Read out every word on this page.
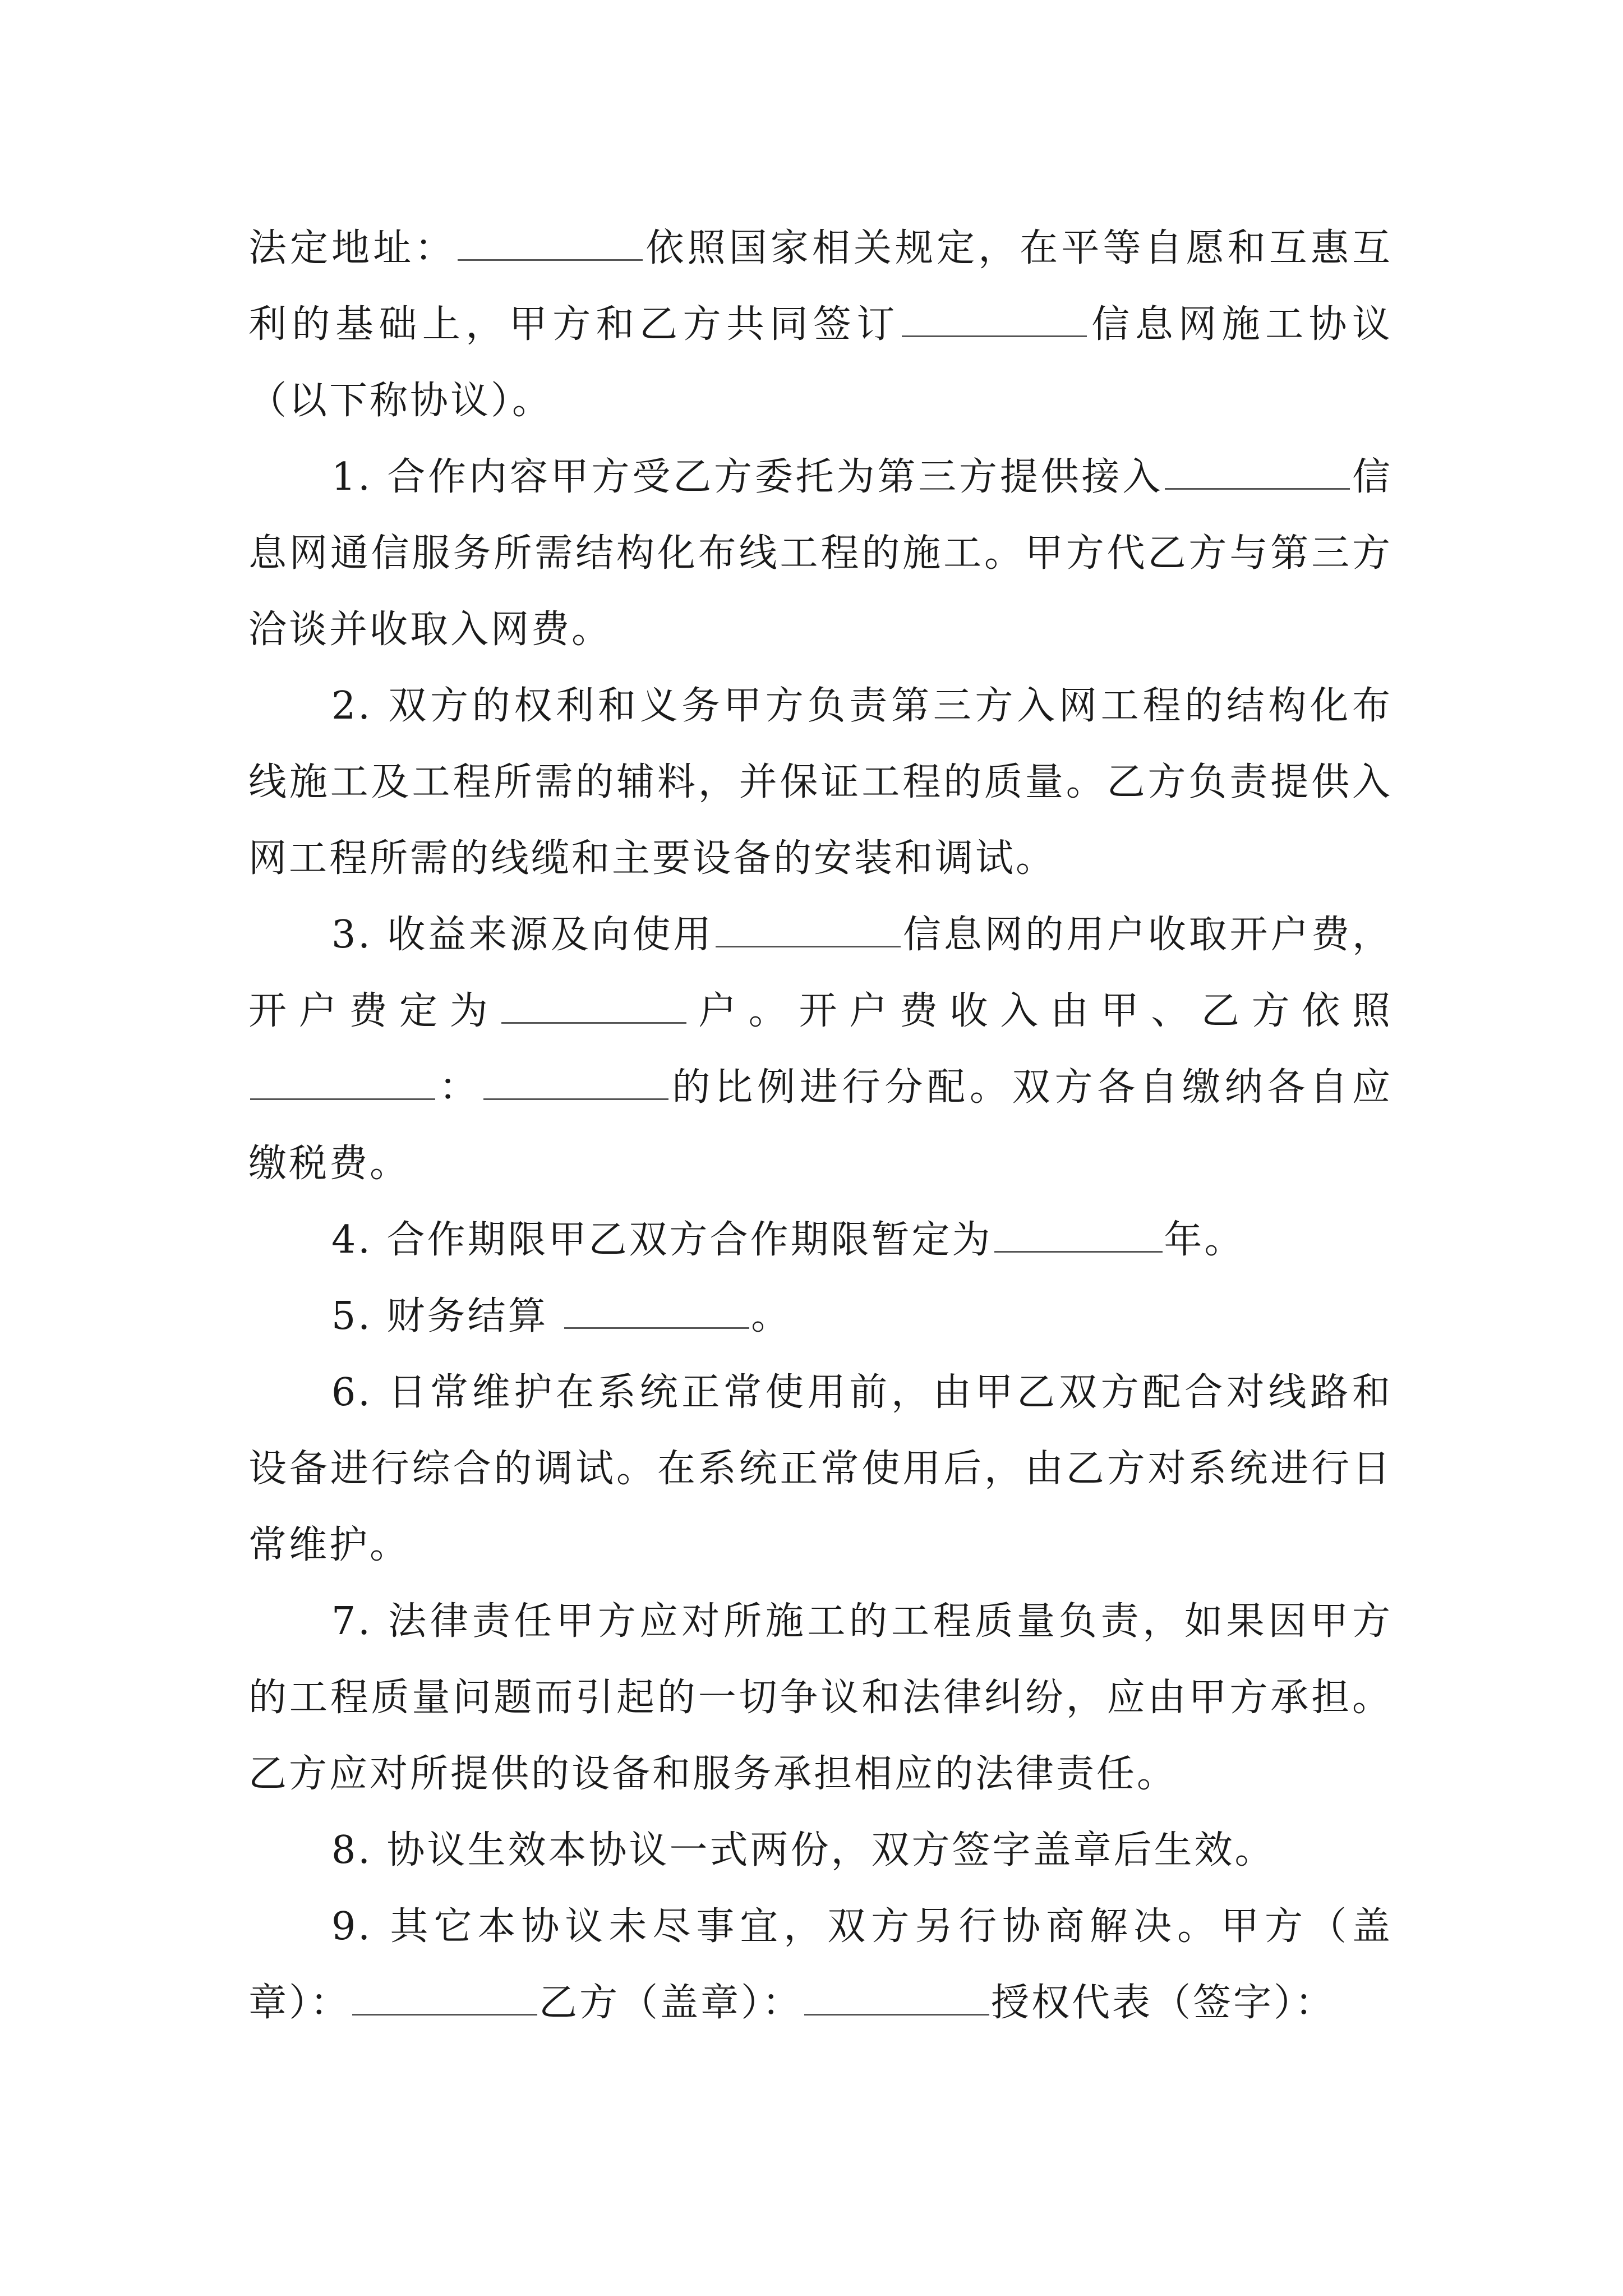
法定地址：	依照国家相关规定，在平等自愿和互惠互利的基础上，甲方和乙方共同签订	信息网施工协议（以下称协议）。

1. 合作内容甲方受乙方委托为第三方提供接入	信息网通信服务所需结构化布线工程的施工。甲方代乙方与第三方洽谈并收取入网费。

2. 双方的权利和义务甲方负责第三方入网工程的结构化布线施工及工程所需的辅料，并保证工程的质量。乙方负责提供入网工程所需的线缆和主要设备的安装和调试。

3. 收益来源及向使用	信息网的用户收取开户费，开户费定为	户。开户费收入由甲、乙方依照：	的比例进行分配。双方各自缴纳各自应缴税费。

4. 合作期限甲乙双方合作期限暂定为	年。

5. 财务结算	。

6. 日常维护在系统正常使用前，由甲乙双方配合对线路和设备进行综合的调试。在系统正常使用后，由乙方对系统进行日常维护。

7. 法律责任甲方应对所施工的工程质量负责，如果因甲方的工程质量问题而引起的一切争议和法律纠纷，应由甲方承担。乙方应对所提供的设备和服务承担相应的法律责任。

8. 协议生效本协议一式两份，双方签字盖章后生效。

9. 其它本协议未尽事宜，双方另行协商解决。甲方（盖章）：	乙方（盖章）：	授权代表（签字）：
